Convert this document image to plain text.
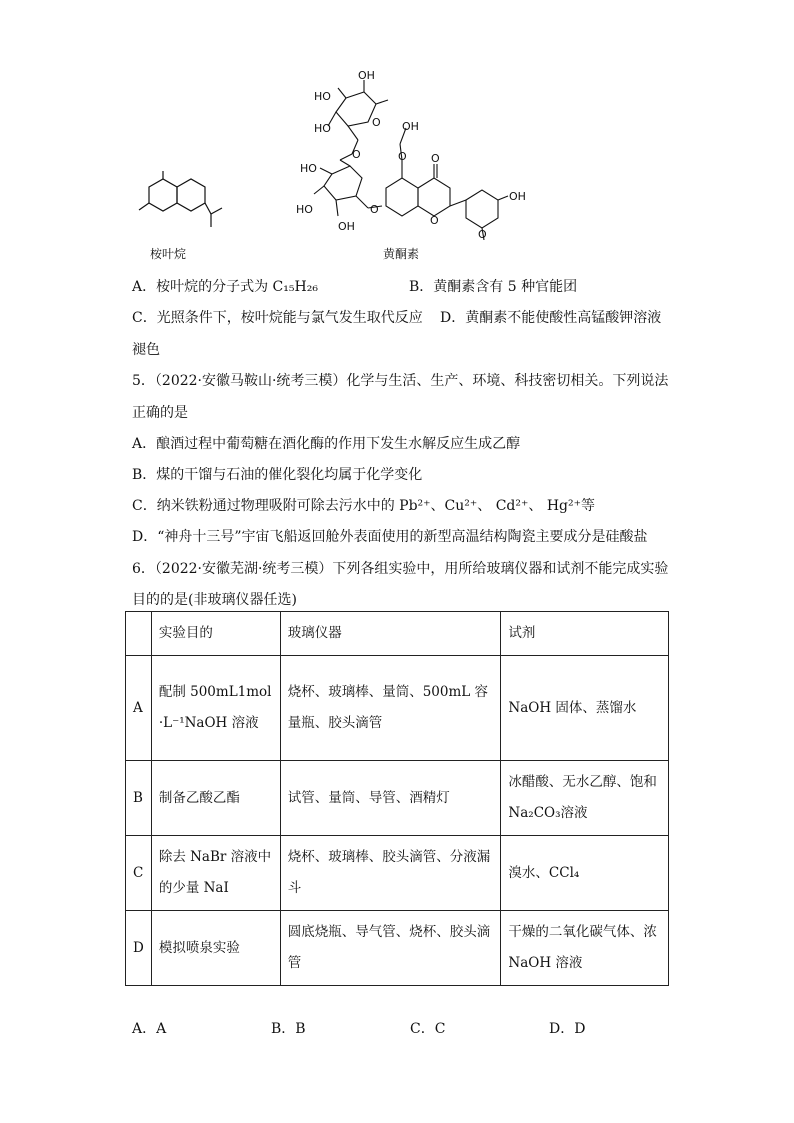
桉叶烷
OH
HO
HO	O
O
OH
O O
HO
HO
OH
O
O
OH
O
黄酮素
A．桉叶烷的分子式为 C₁₅H₂₆	B．黄酮素含有 5 种官能团
C．光照条件下，桉叶烷能与氯气发生取代反应 D．黄酮素不能使酸性高锰酸钾溶液
褪色
5．（2022·安徽马鞍山·统考三模）化学与生活、生产、环境、科技密切相关。下列说法
正确的是
A．酿酒过程中葡萄糖在酒化酶的作用下发生水解反应生成乙醇
B．煤的干馏与石油的催化裂化均属于化学变化
C．纳米铁粉通过物理吸附可除去污水中的 Pb²⁺、Cu²⁺、 Cd²⁺、 Hg²⁺等
D．“神舟十三号”宇宙飞船返回舱外表面使用的新型高温结构陶瓷主要成分是硅酸盐
6．（2022·安徽芜湖·统考三模）下列各组实验中，用所给玻璃仪器和试剂不能完成实验
目的的是(非玻璃仪器任选)
	实验目的	玻璃仪器	试剂
A	配制 500mL1mol·L⁻¹NaOH 溶液	烧杯、玻璃棒、量筒、500mL 容量瓶、胶头滴管	NaOH 固体、蒸馏水
B	制备乙酸乙酯	试管、量筒、导管、酒精灯	冰醋酸、无水乙醇、饱和 Na₂CO₃溶液
C	除去 NaBr 溶液中的少量 NaI	烧杯、玻璃棒、胶头滴管、分液漏斗	溴水、CCl₄
D	模拟喷泉实验	圆底烧瓶、导气管、烧杯、胶头滴管	干燥的二氧化碳气体、浓 NaOH 溶液
A．A	B．B	C．C	D．D
